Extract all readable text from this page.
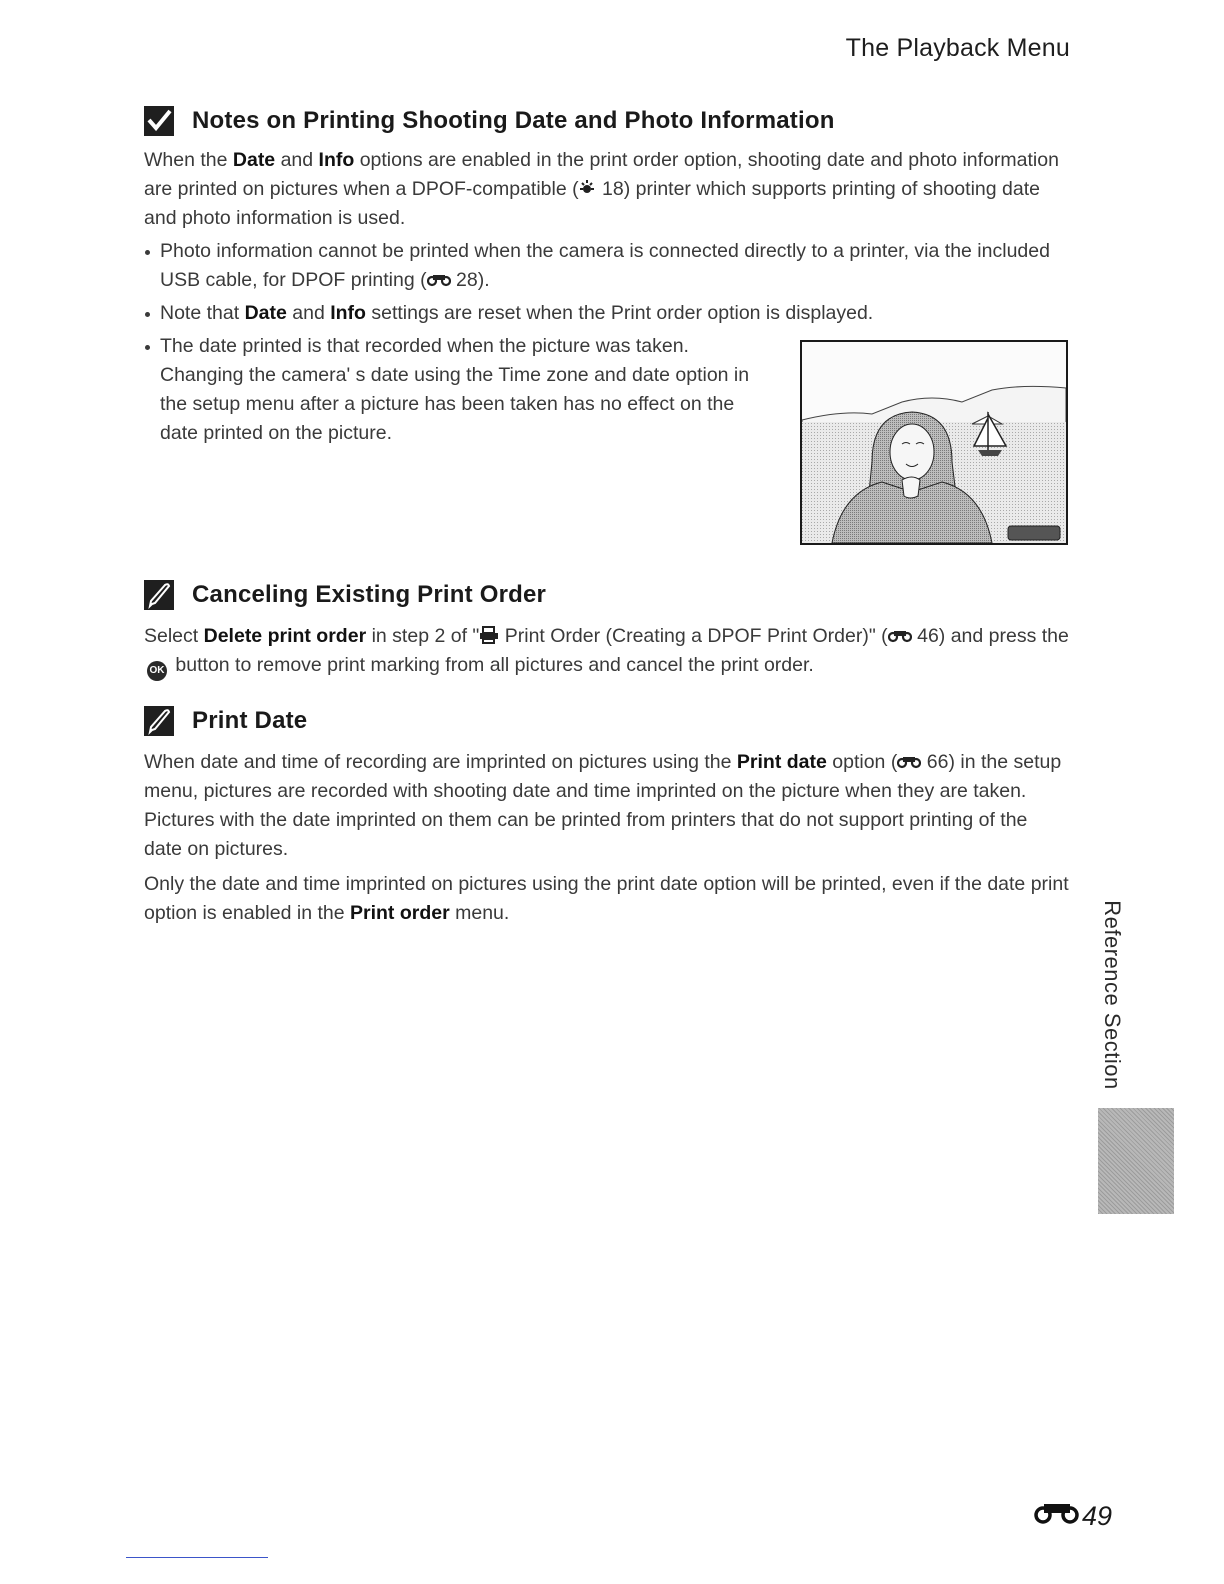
The Playback Menu
Notes on Printing Shooting Date and Photo Information

When the Date and Info options are enabled in the print order option, shooting date and photo information are printed on pictures when a DPOF-compatible ( 18) printer which supports printing of shooting date and photo information is used.

Photo information cannot be printed when the camera is connected directly to a printer, via the included USB cable, for DPOF printing ( 28).
Note that Date and Info settings are reset when the Print order option is displayed.
The date printed is that recorded when the picture was taken. Changing the camera' s date using the Time zone and date option in the setup menu after a picture has been taken has no effect on the date printed on the picture.
Canceling Existing Print Order

Select Delete print order in step 2 of " Print Order (Creating a DPOF Print Order)" ( 46) and press the OK button to remove print marking from all pictures and cancel the print order.

Print Date

When date and time of recording are imprinted on pictures using the Print date option ( 66) in the setup menu, pictures are recorded with shooting date and time imprinted on the picture when they are taken. Pictures with the date imprinted on them can be printed from printers that do not support printing of the date on pictures.

Only the date and time imprinted on pictures using the print date option will be printed, even if the date print option is enabled in the Print order menu.	Reference Section
49
